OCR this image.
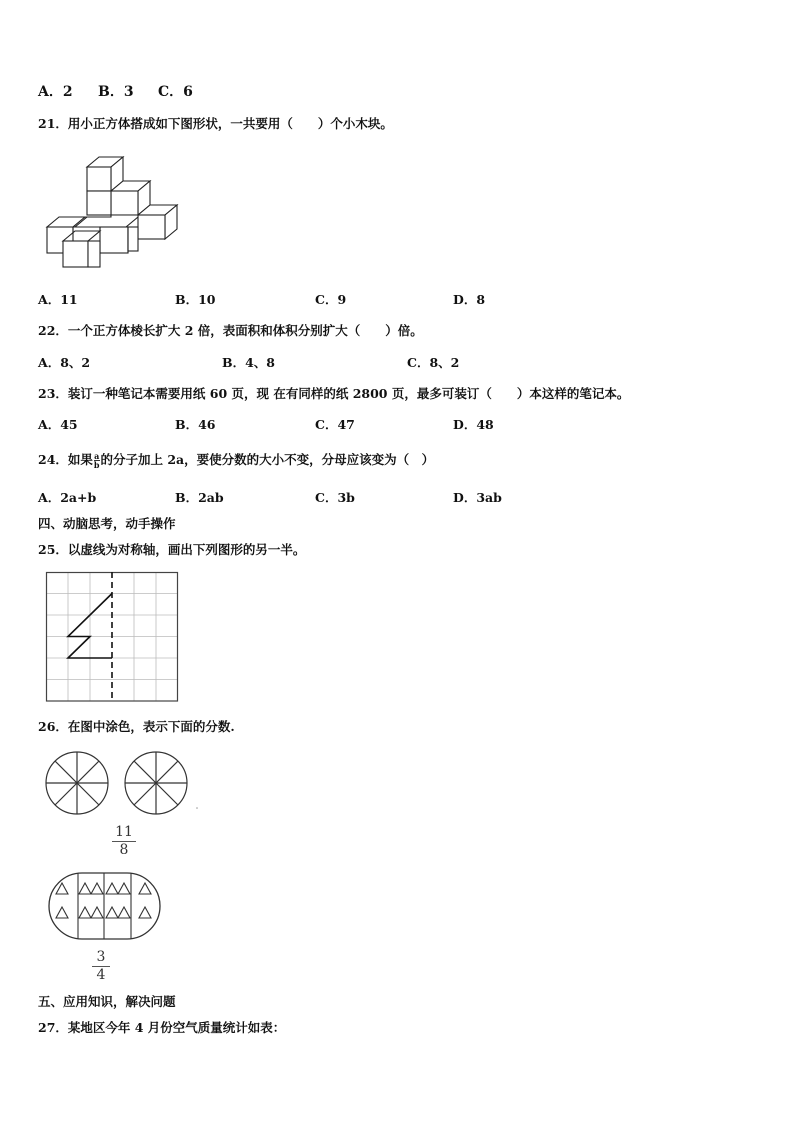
A．2 B．3 C．6
21．用小正方体搭成如下图形状，一共要用（　　）个小木块。
A．11	B．10	C．9	D．8
22．一个正方体棱长扩大 2 倍，表面积和体积分别扩大（　　）倍。
A．8、2	B．4、8	C．8、2
23．装订一种笔记本需要用纸 60 页，现 在有同样的纸 2800 页，最多可装订（　　）本这样的笔记本。
A．45	B．46	C．47	D．48
24．如果$\frac{a}{b}$的分子加上 2a，要使分数的大小不变，分母应该变为（　）
A．2a+b	B．2ab	C．3b	D．3ab
四、动脑思考，动手操作
25．以虚线为对称轴，画出下列图形的另一半。
26．在图中涂色，表示下面的分数.
11
8
3
4
五、应用知识，解决问题
27．某地区今年 4 月份空气质量统计如表：
